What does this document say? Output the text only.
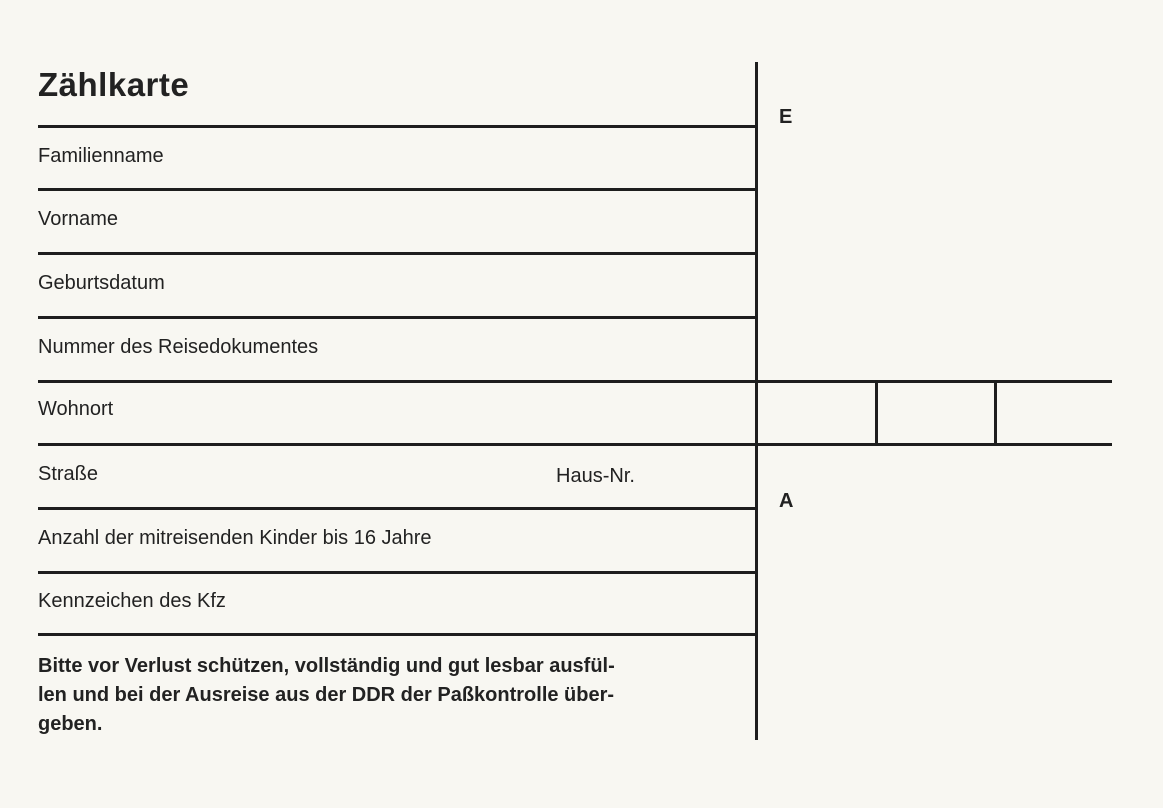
Zählkarte
Familienname
Vorname
Geburtsdatum
Nummer des Reisedokumentes
Wohnort
Straße	Haus-Nr.
Anzahl der mitreisenden Kinder bis 16 Jahre
Kennzeichen des Kfz
E
A
Bitte vor Verlust schützen, vollständig und gut lesbar ausfül-
len und bei der Ausreise aus der DDR der Paßkontrolle über-
geben.
